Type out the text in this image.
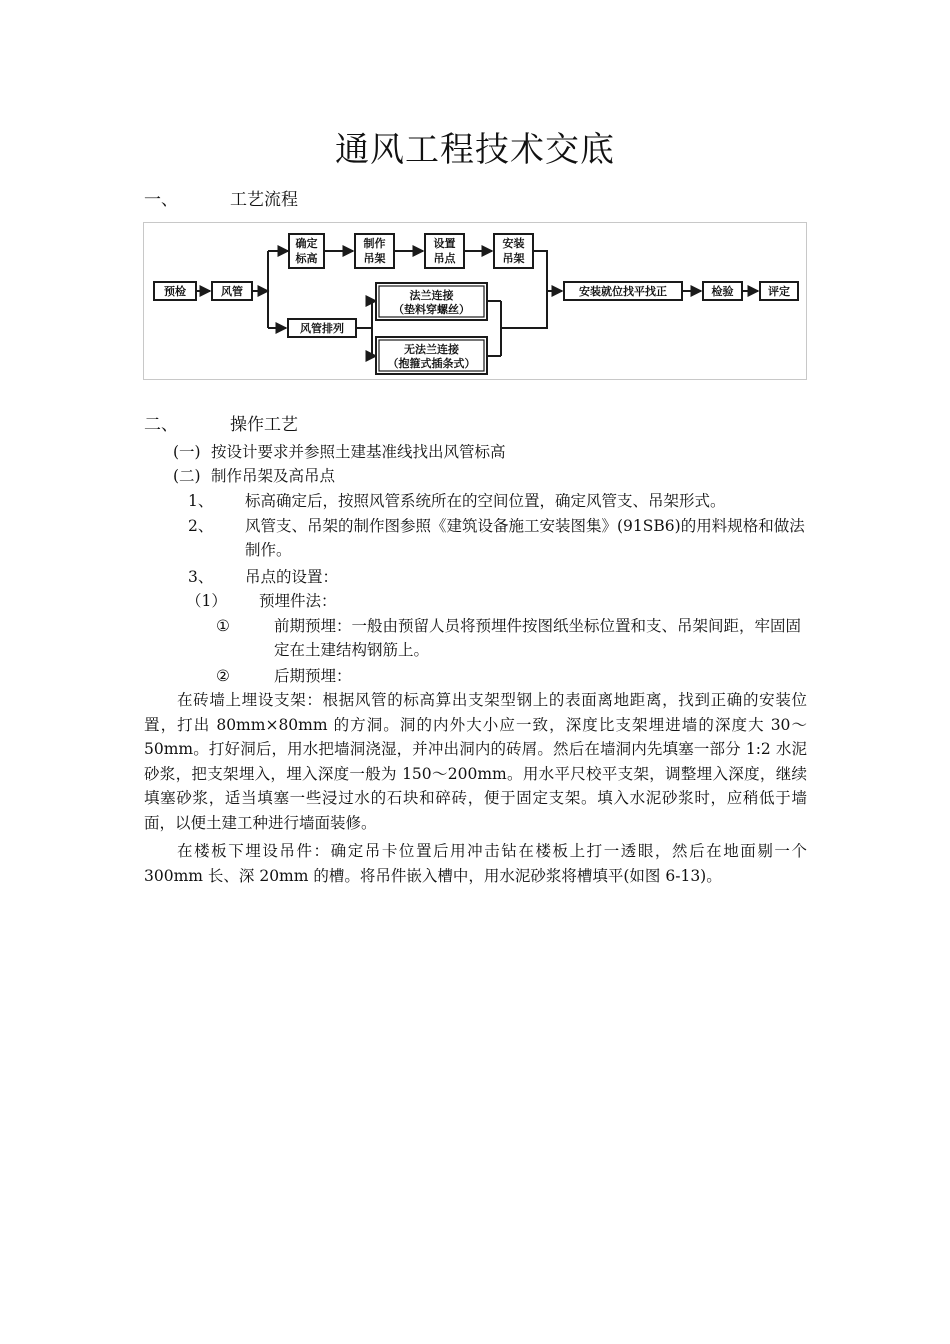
通风工程技术交底
一、	工艺流程
预检	风管
确定
标高
制作
吊架
设置
吊点
安装
吊架
风管排列
法兰连接
（垫料穿螺丝）
无法兰连接
（抱箍式插条式）
安装就位找平找正	检验	评定
二、	操作工艺
(一) 按设计要求并参照土建基准线找出风管标高
(二) 制作吊架及高吊点
1、 标高确定后，按照风管系统所在的空间位置，确定风管支、吊架形式。
2、 风管支、吊架的制作图参照《建筑设备施工安装图集》(91SB6)的用料规格和做法制作。
3、 吊点的设置：
（1） 预埋件法：
①	前期预埋：一般由预留人员将预埋件按图纸坐标位置和支、吊架间距，牢固固定在土建结构钢筋上。
②	后期预埋：
在砖墙上埋设支架：根据风管的标高算出支架型钢上的表面离地距离，找到正确的安装位置，打出 80mm×80mm 的方洞。洞的内外大小应一致，深度比支架埋进墙的深度大 30～50mm。打好洞后，用水把墙洞浇湿，并冲出洞内的砖屑。然后在墙洞内先填塞一部分 1:2 水泥砂浆，把支架埋入，埋入深度一般为 150～200mm。用水平尺校平支架，调整埋入深度，继续填塞砂浆，适当填塞一些浸过水的石块和碎砖，便于固定支架。填入水泥砂浆时，应稍低于墙面，以便土建工种进行墙面装修。
在楼板下埋设吊件：确定吊卡位置后用冲击钻在楼板上打一透眼，然后在地面剔一个 300mm 长、深 20mm 的槽。将吊件嵌入槽中，用水泥砂浆将槽填平(如图 6-13)。
